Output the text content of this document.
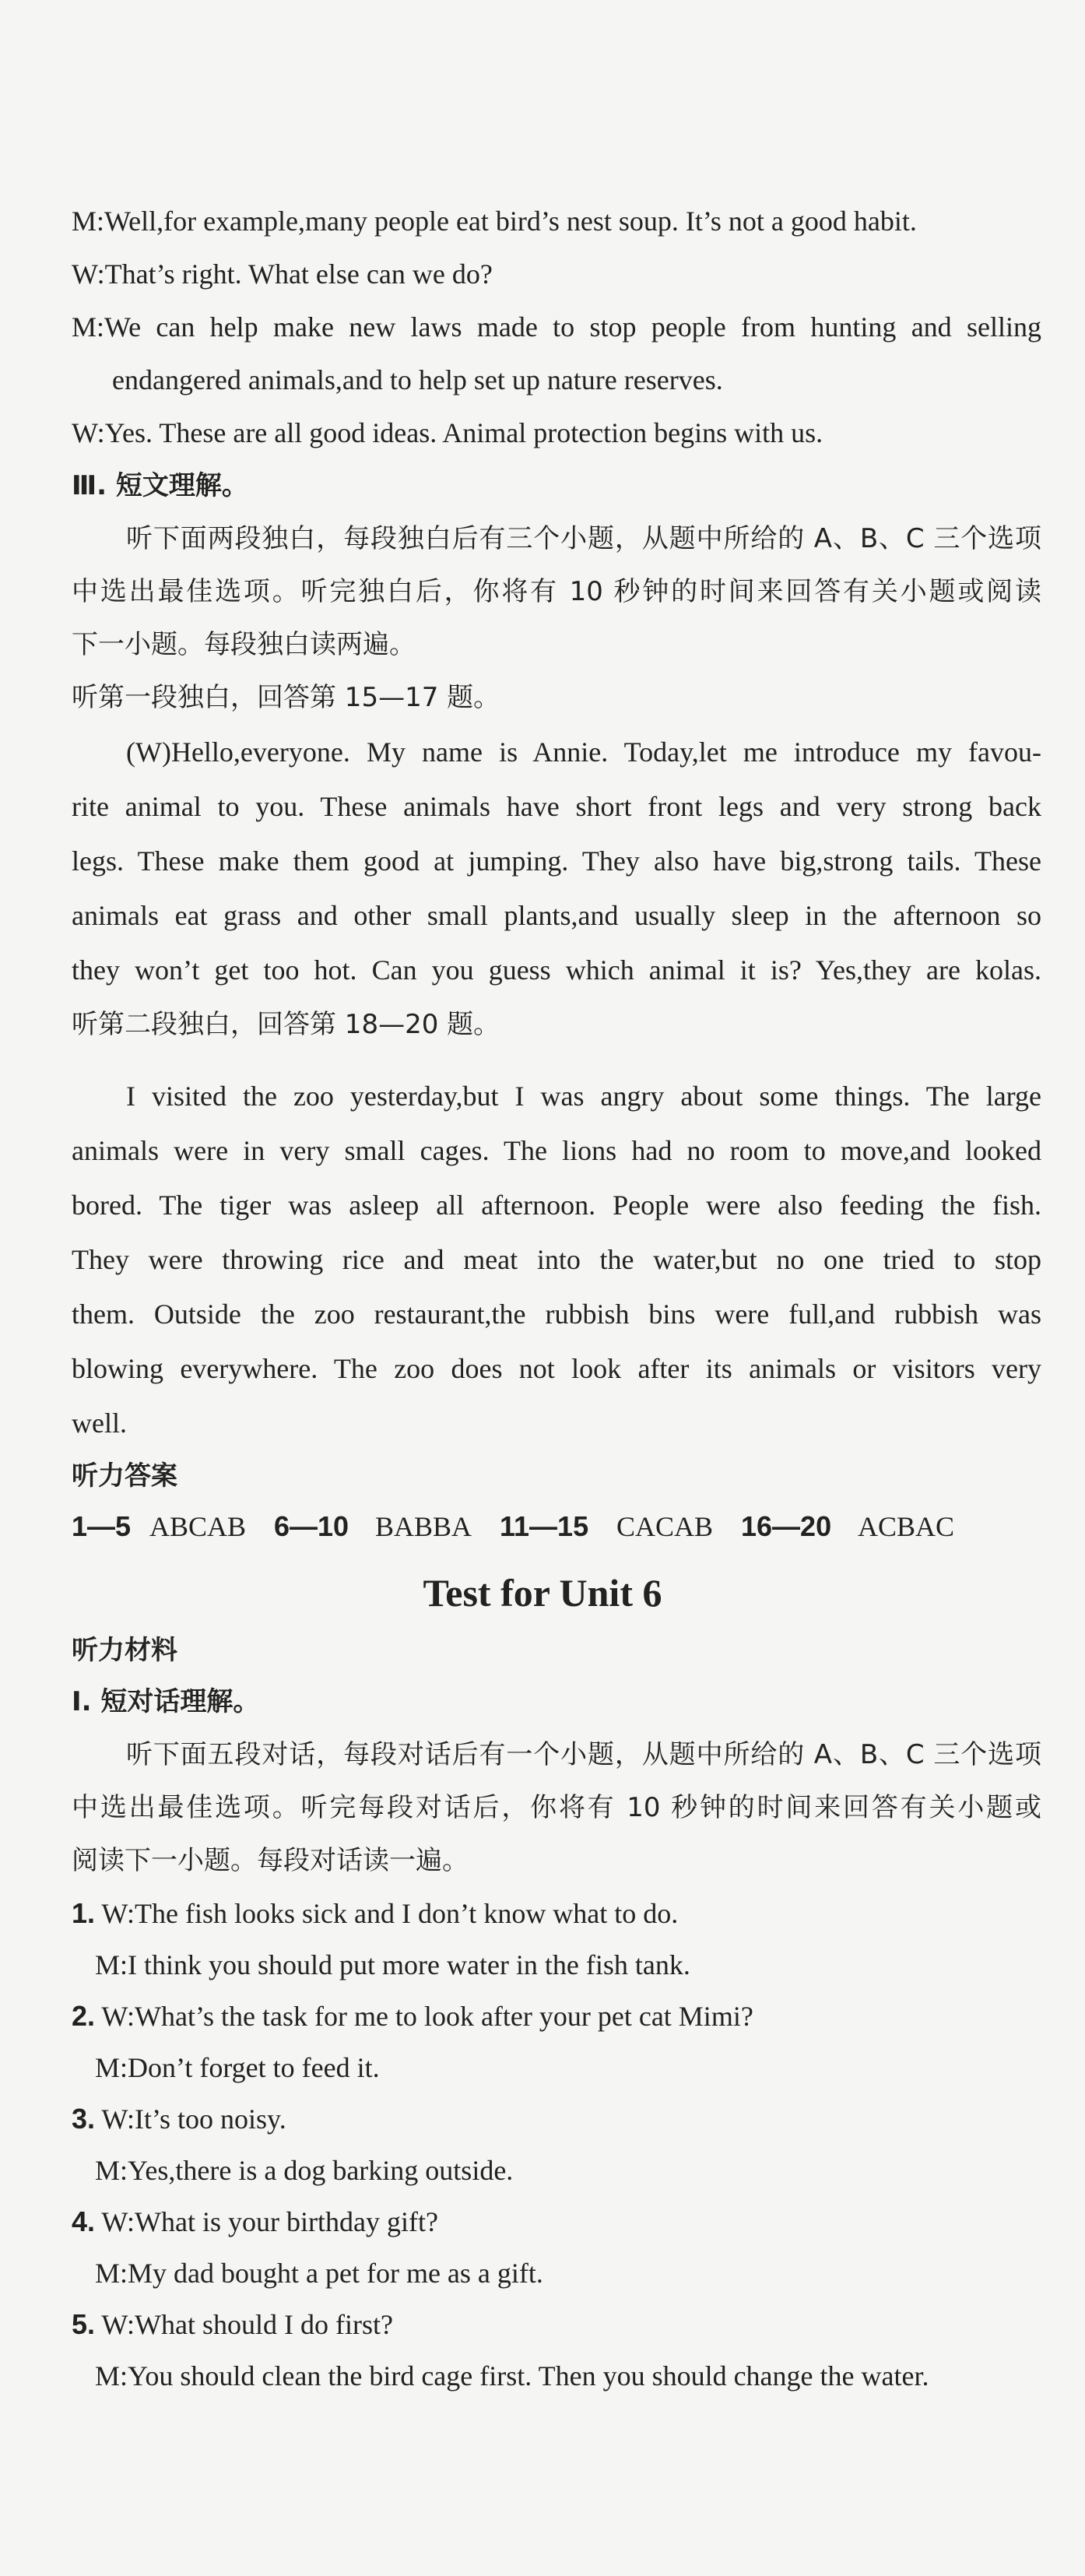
M:Well,for example,many people eat bird’s nest soup. It’s not a good habit.
W:That’s right. What else can we do?
M:We can help make new laws made to stop people from hunting and selling
endangered animals,and to help set up nature reserves.
W:Yes. These are all good ideas. Animal protection begins with us.
Ⅲ. 短文理解。
听下面两段独白，每段独白后有三个小题，从题中所给的 A、B、C 三个选项
中选出最佳选项。听完独白后，你将有 10 秒钟的时间来回答有关小题或阅读
下一小题。每段独白读两遍。
听第一段独白，回答第 15—17 题。
(W)Hello,everyone. My name is Annie. Today,let me introduce my favou-
rite animal to you. These animals have short front legs and very strong back
legs. These make them good at jumping. They also have big,strong tails. These
animals eat grass and other small plants,and usually sleep in the afternoon so
they won’t get too hot. Can you guess which animal it is? Yes,they are kolas.
听第二段独白，回答第 18—20 题。
I visited the zoo yesterday,but I was angry about some things. The large
animals were in very small cages. The lions had no room to move,and looked
bored. The tiger was asleep all afternoon. People were also feeding the fish.
They were throwing rice and meat into the water,but no one tried to stop
them. Outside the zoo restaurant,the rubbish bins were full,and rubbish was
blowing everywhere. The zoo does not look after its animals or visitors very
well.
听力答案
1—5 ABCAB 6—10 BABBA 11—15 CACAB 16—20 ACBAC
Test for Unit 6
听力材料
Ⅰ. 短对话理解。
听下面五段对话，每段对话后有一个小题，从题中所给的 A、B、C 三个选项
中选出最佳选项。听完每段对话后，你将有 10 秒钟的时间来回答有关小题或
阅读下一小题。每段对话读一遍。
1. W:The fish looks sick and I don’t know what to do.
M:I think you should put more water in the fish tank.
2. W:What’s the task for me to look after your pet cat Mimi?
M:Don’t forget to feed it.
3. W:It’s too noisy.
M:Yes,there is a dog barking outside.
4. W:What is your birthday gift?
M:My dad bought a pet for me as a gift.
5. W:What should I do first?
M:You should clean the bird cage first. Then you should change the water.
